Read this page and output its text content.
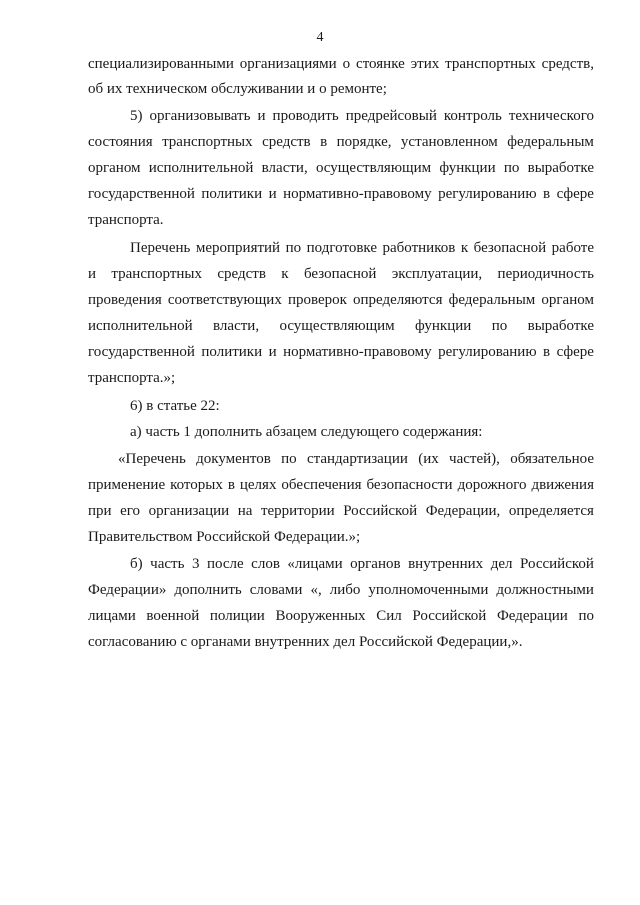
4
специализированными организациями о стоянке этих транспортных средств,
об их техническом обслуживании и о ремонте;
5) организовывать и проводить предрейсовый контроль технического
состояния транспортных средств в порядке, установленном федеральным
органом исполнительной власти, осуществляющим функции по выработке
государственной политики и нормативно-правовому регулированию в сфере
транспорта.
Перечень мероприятий по подготовке работников к безопасной работе
и транспортных средств к безопасной эксплуатации, периодичность
проведения соответствующих проверок определяются федеральным органом
исполнительной власти, осуществляющим функции по выработке
государственной политики и нормативно-правовому регулированию в сфере
транспорта.»;
6) в статье 22:
а) часть 1 дополнить абзацем следующего содержания:
«Перечень документов по стандартизации (их частей), обязательное
применение которых в целях обеспечения безопасности дорожного движения
при его организации на территории Российской Федерации, определяется
Правительством Российской Федерации.»;
б) часть 3 после слов «лицами органов внутренних дел Российской
Федерации» дополнить словами «, либо уполномоченными должностными
лицами военной полиции Вооруженных Сил Российской Федерации по
согласованию с органами внутренних дел Российской Федерации,».
